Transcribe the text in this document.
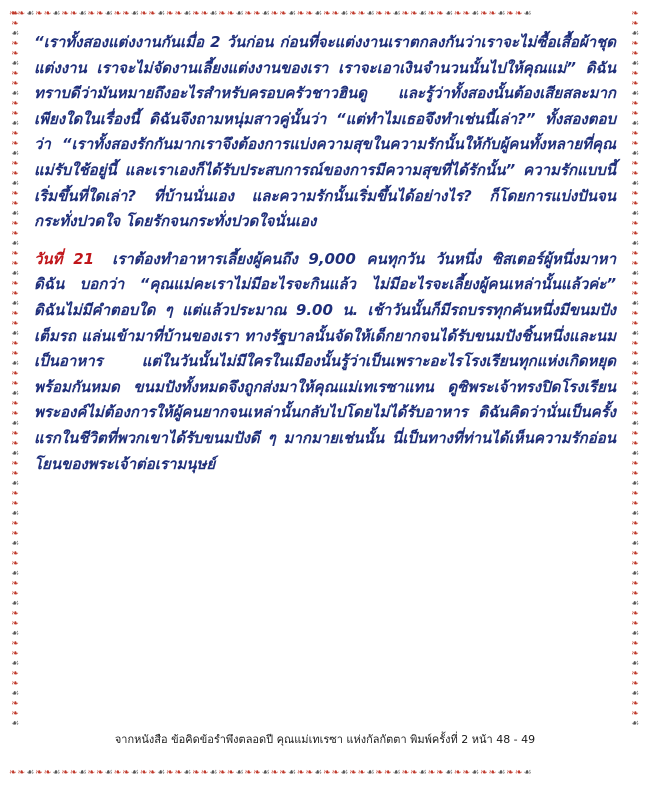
❧❧☙❧❧☙❧❧☙❧❧☙❧❧☙❧❧☙❧❧☙❧❧☙❧❧☙❧❧☙❧❧☙❧❧☙❧❧☙❧❧☙❧❧☙❧❧☙❧❧☙❧❧☙❧❧☙❧❧☙
❧❧☙❧❧☙❧❧☙❧❧☙❧❧☙❧❧☙❧❧☙❧❧☙❧❧☙❧❧☙❧❧☙❧❧☙❧❧☙❧❧☙❧❧☙❧❧☙❧❧☙❧❧☙❧❧☙❧❧☙
❧❧☙❧❧☙❧❧☙❧❧☙❧❧☙❧❧☙❧❧☙❧❧☙❧❧☙❧❧☙❧❧☙❧❧☙❧❧☙❧❧☙❧❧☙❧❧☙❧❧☙❧❧☙❧❧☙❧❧☙❧❧☙❧❧☙❧❧☙❧❧☙
❧❧☙❧❧☙❧❧☙❧❧☙❧❧☙❧❧☙❧❧☙❧❧☙❧❧☙❧❧☙❧❧☙❧❧☙❧❧☙❧❧☙❧❧☙❧❧☙❧❧☙❧❧☙❧❧☙❧❧☙❧❧☙❧❧☙❧❧☙❧❧☙

“เราทั้งสองแต่งงานกันเมื่อ 2 วันก่อน ก่อนที่จะแต่งงานเราตกลงกันว่าเราจะไม่ซื้อเสื้อผ้าชุดแต่งงาน เราจะไม่จัดงานเลี้ยงแต่งงานของเรา เราจะเอาเงินจำนวนนั้นไปให้คุณแม่” ดิฉันทราบดีว่ามันหมายถึงอะไรสำหรับครอบครัวชาวฮินดู และรู้ว่าทั้งสองนั้นต้องเสียสละมากเพียงใดในเรื่องนี้ ดิฉันจึงถามหนุ่มสาวคู่นั้นว่า “แต่ทำไมเธอจึงทำเช่นนี้เล่า?” ทั้งสองตอบว่า “เราทั้งสองรักกันมากเราจึงต้องการแบ่งความสุขในความรักนั้นให้กับผู้คนทั้งหลายที่คุณแม่รับใช้อยู่นี้ และเราเองก็ได้รับประสบการณ์ของการมีความสุขที่ได้รักนั้น” ความรักแบบนี้เริ่มขึ้นที่ใดเล่า? ที่บ้านนั่นเอง และความรักนั้นเริ่มขึ้นได้อย่างไร? ก็โดยการแบ่งปันจนกระทั่งปวดใจ โดยรักจนกระทั่งปวดใจนั่นเอง

วันที่ 21 เราต้องทำอาหารเลี้ยงผู้คนถึง 9,000 คนทุกวัน วันหนึ่ง ซิสเตอร์ผู้หนึ่งมาหาดิฉัน บอกว่า “คุณแม่คะเราไม่มีอะไรจะกินแล้ว ไม่มีอะไรจะเลี้ยงผู้คนเหล่านั้นแล้วค่ะ” ดิฉันไม่มีคำตอบใด ๆ แต่แล้วประมาณ 9.00 น. เช้าวันนั้นก็มีรถบรรทุกคันหนึ่งมีขนมปังเต็มรถ แล่นเข้ามาที่บ้านของเรา ทางรัฐบาลนั้นจัดให้เด็กยากจนได้รับขนมปังชิ้นหนึ่งและนมเป็นอาหาร แต่ในวันนั้นไม่มีใครในเมืองนั้นรู้ว่าเป็นเพราะอะไรโรงเรียนทุกแห่งเกิดหยุดพร้อมกันหมด ขนมปังทั้งหมดจึงถูกส่งมาให้คุณแม่เทเรซาแทน ดูซิพระเจ้าทรงปิดโรงเรียน พระองค์ไม่ต้องการให้ผู้คนยากจนเหล่านั้นกลับไปโดยไม่ได้รับอาหาร ดิฉันคิดว่านั่นเป็นครั้งแรกในชีวิตที่พวกเขาได้รับขนมปังดี ๆ มากมายเช่นนั้น นี่เป็นทางที่ท่านได้เห็นความรักอ่อนโยนของพระเจ้าต่อเรามนุษย์

จากหนังสือ ข้อคิดข้อรำพึงตลอดปี คุณแม่เทเรซา แห่งกัลกัตตา พิมพ์ครั้งที่ 2 หน้า 48 - 49
